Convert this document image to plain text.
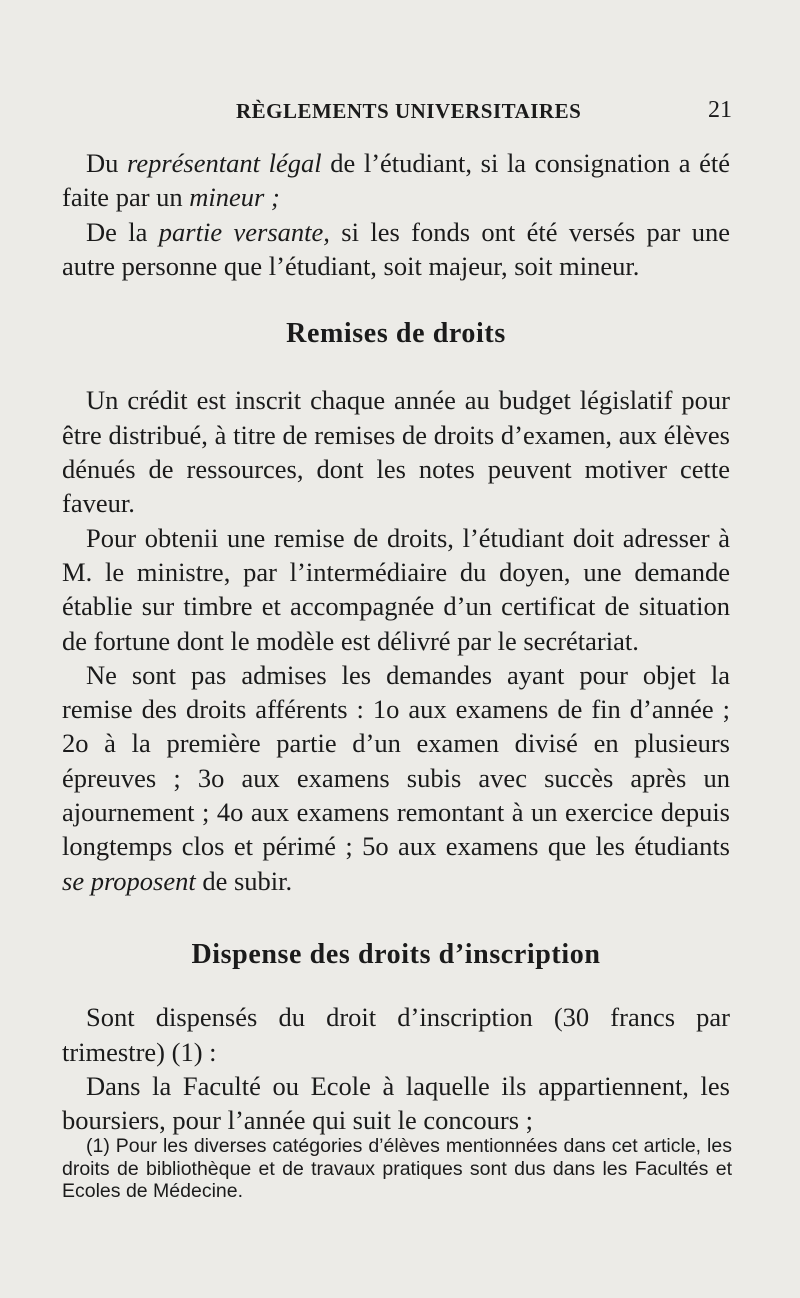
RÈGLEMENTS UNIVERSITAIRES	21

Du représentant légal de l’étudiant, si la consignation a été faite par un mineur ;

De la partie versante, si les fonds ont été versés par une autre personne que l’étudiant, soit majeur, soit mineur.

Remises de droits

Un crédit est inscrit chaque année au budget législatif pour être distribué, à titre de remises de droits d’examen, aux élèves dénués de ressources, dont les notes peuvent motiver cette faveur.

Pour obtenii une remise de droits, l’étudiant doit adresser à M. le ministre, par l’intermédiaire du doyen, une demande établie sur timbre et accompagnée d’un certificat de situation de fortune dont le modèle est délivré par le secrétariat.

Ne sont pas admises les demandes ayant pour objet la remise des droits afférents : 1o aux examens de fin d’année ; 2o à la première partie d’un examen divisé en plusieurs épreuves ; 3o aux examens subis avec succès après un ajournement ; 4o aux examens remontant à un exercice depuis longtemps clos et périmé ; 5o aux examens que les étudiants se proposent de subir.

Dispense des droits d’inscription

Sont dispensés du droit d’inscription (30 francs par trimestre) (1) :

Dans la Faculté ou Ecole à laquelle ils appartiennent, les boursiers, pour l’année qui suit le concours ;

(1) Pour les diverses catégories d’élèves mentionnées dans cet article, les droits de bibliothèque et de travaux pratiques sont dus dans les Facultés et Ecoles de Médecine.
